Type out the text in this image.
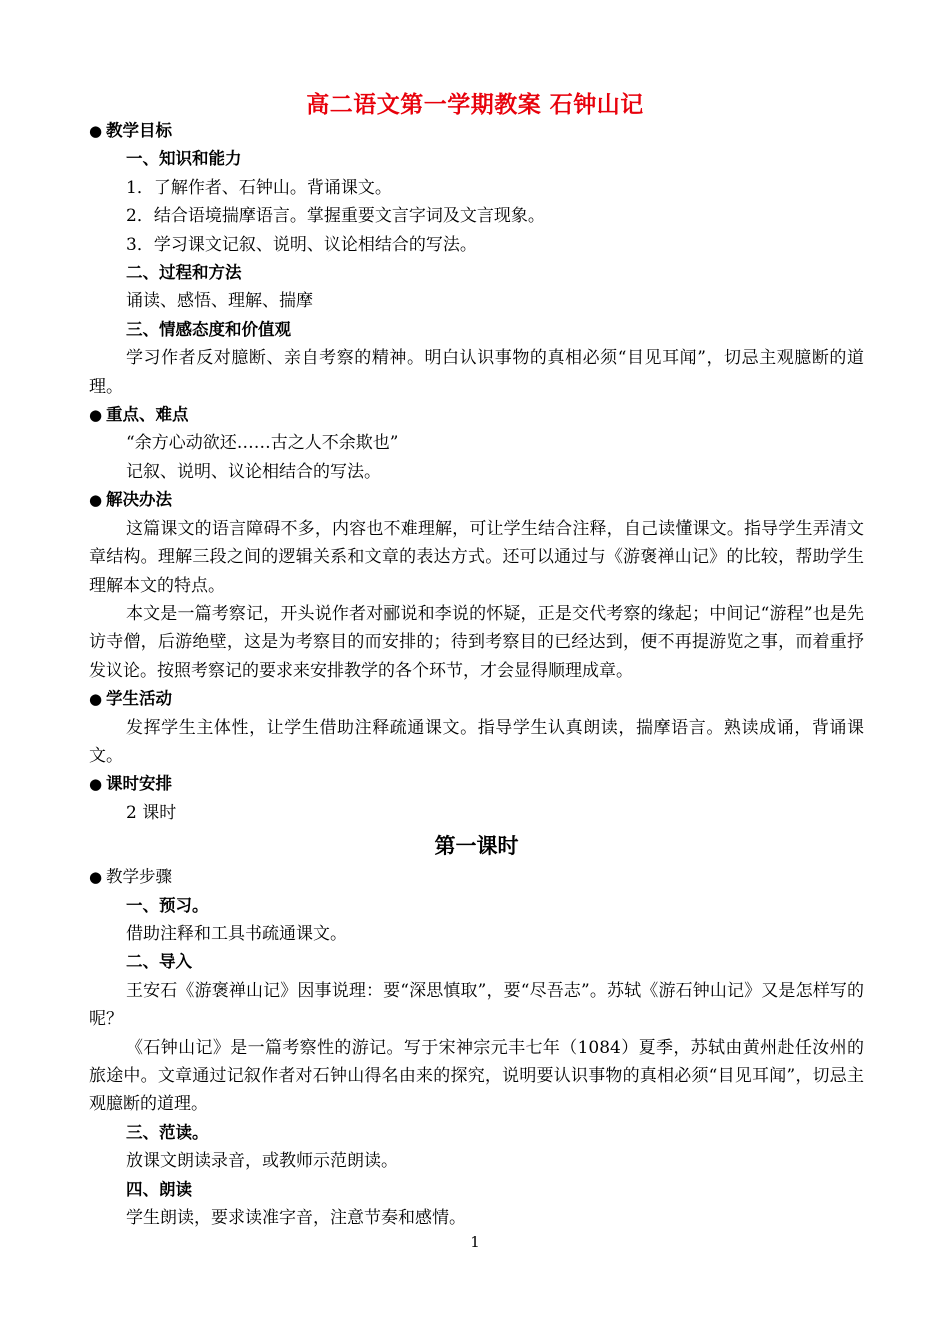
高二语文第一学期教案 石钟山记
● 教学目标
一、知识和能力
1．了解作者、石钟山。背诵课文。
2．结合语境揣摩语言。掌握重要文言字词及文言现象。
3．学习课文记叙、说明、议论相结合的写法。
二、过程和方法
诵读、感悟、理解、揣摩
三、情感态度和价值观
学习作者反对臆断、亲自考察的精神。明白认识事物的真相必须“目见耳闻”，切忌主观臆断的道理。
● 重点、难点
“余方心动欲还……古之人不余欺也”
记叙、说明、议论相结合的写法。
● 解决办法
这篇课文的语言障碍不多，内容也不难理解，可让学生结合注释，自己读懂课文。指导学生弄清文章结构。理解三段之间的逻辑关系和文章的表达方式。还可以通过与《游褒禅山记》的比较，帮助学生理解本文的特点。
本文是一篇考察记，开头说作者对郦说和李说的怀疑，正是交代考察的缘起；中间记“游程”也是先访寺僧，后游绝壁，这是为考察目的而安排的；待到考察目的已经达到，便不再提游览之事，而着重抒发议论。按照考察记的要求来安排教学的各个环节，才会显得顺理成章。
● 学生活动
发挥学生主体性，让学生借助注释疏通课文。指导学生认真朗读，揣摩语言。熟读成诵，背诵课文。
● 课时安排
2 课时
第一课时
● 教学步骤
一、预习。
借助注释和工具书疏通课文。
二、导入
王安石《游褒禅山记》因事说理：要“深思慎取”，要“尽吾志”。苏轼《游石钟山记》又是怎样写的呢？
《石钟山记》是一篇考察性的游记。写于宋神宗元丰七年（1084）夏季，苏轼由黄州赴任汝州的旅途中。文章通过记叙作者对石钟山得名由来的探究，说明要认识事物的真相必须“目见耳闻”，切忌主观臆断的道理。
三、范读。
放课文朗读录音，或教师示范朗读。
四、朗读
学生朗读，要求读准字音，注意节奏和感情。
1
